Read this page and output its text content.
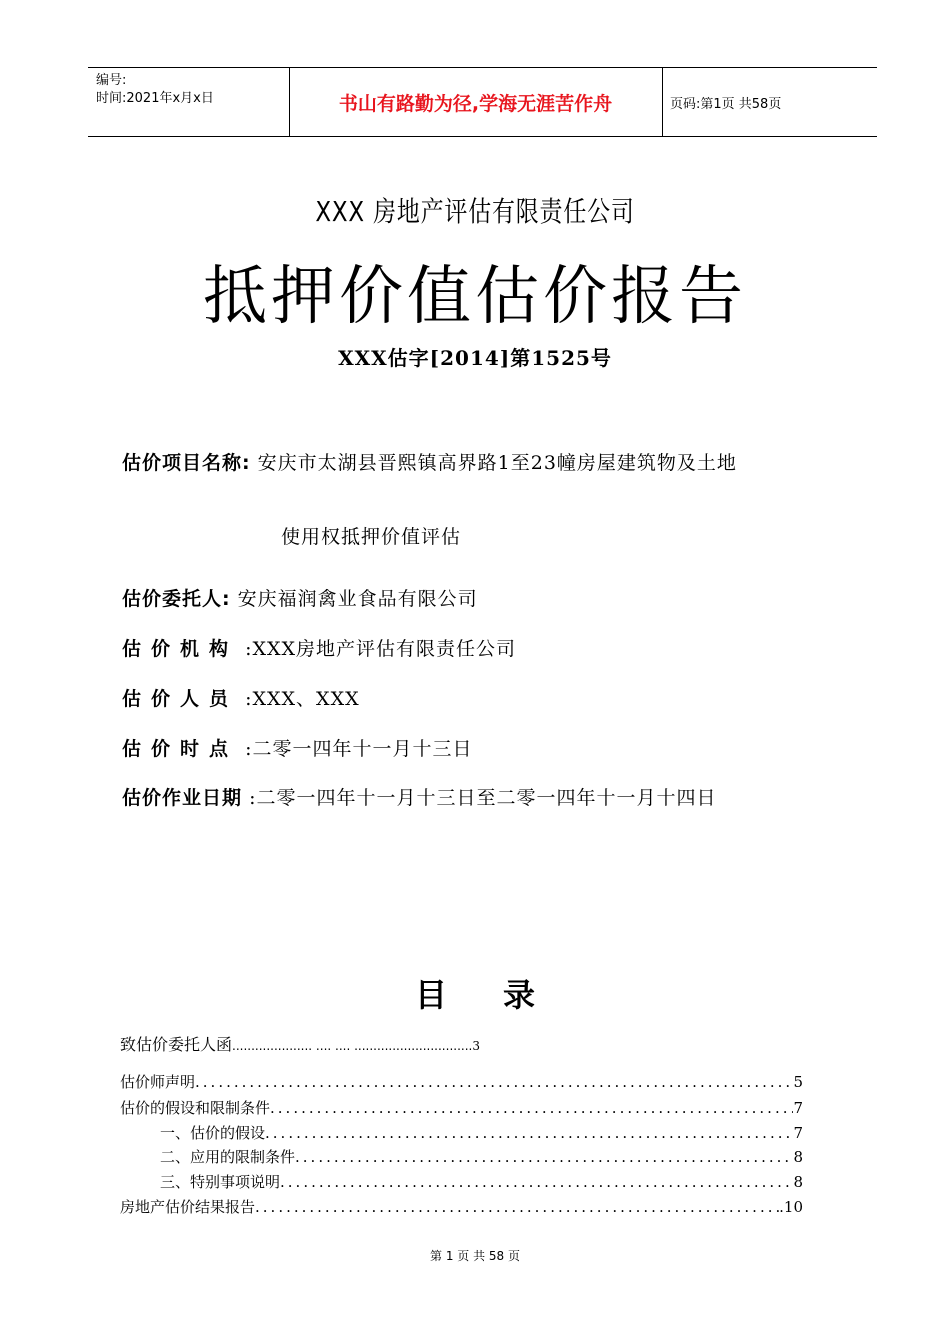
编号:
时间:2021年x月x日	书山有路勤为径,学海无涯苦作舟	页码:第1页 共58页
XXX 房地产评估有限责任公司
抵押价值估价报告
XXX估字[2014]第1525号
估价项目名称: 安庆市太湖县晋熙镇高界路1至23幢房屋建筑物及土地
使用权抵押价值评估
估价委托人: 安庆福润禽业食品有限公司
估价机构 :XXX房地产评估有限责任公司
估价人员 :XXX、XXX
估价时点 :二零一四年十一月十三日
估价作业日期 :二零一四年十一月十三日至二零一四年十一月十四日
目 录
致估价委托人函..................... .... .... ...............................3
估价师声明 .....	5
估价的假设和限制条件 .....	7
一、估价的假设 .....	7
二、应用的限制条件 .....	8
三、特别事项说明 .....	8
房地产估价结果报告 .....	.10
第 1 页 共 58 页
